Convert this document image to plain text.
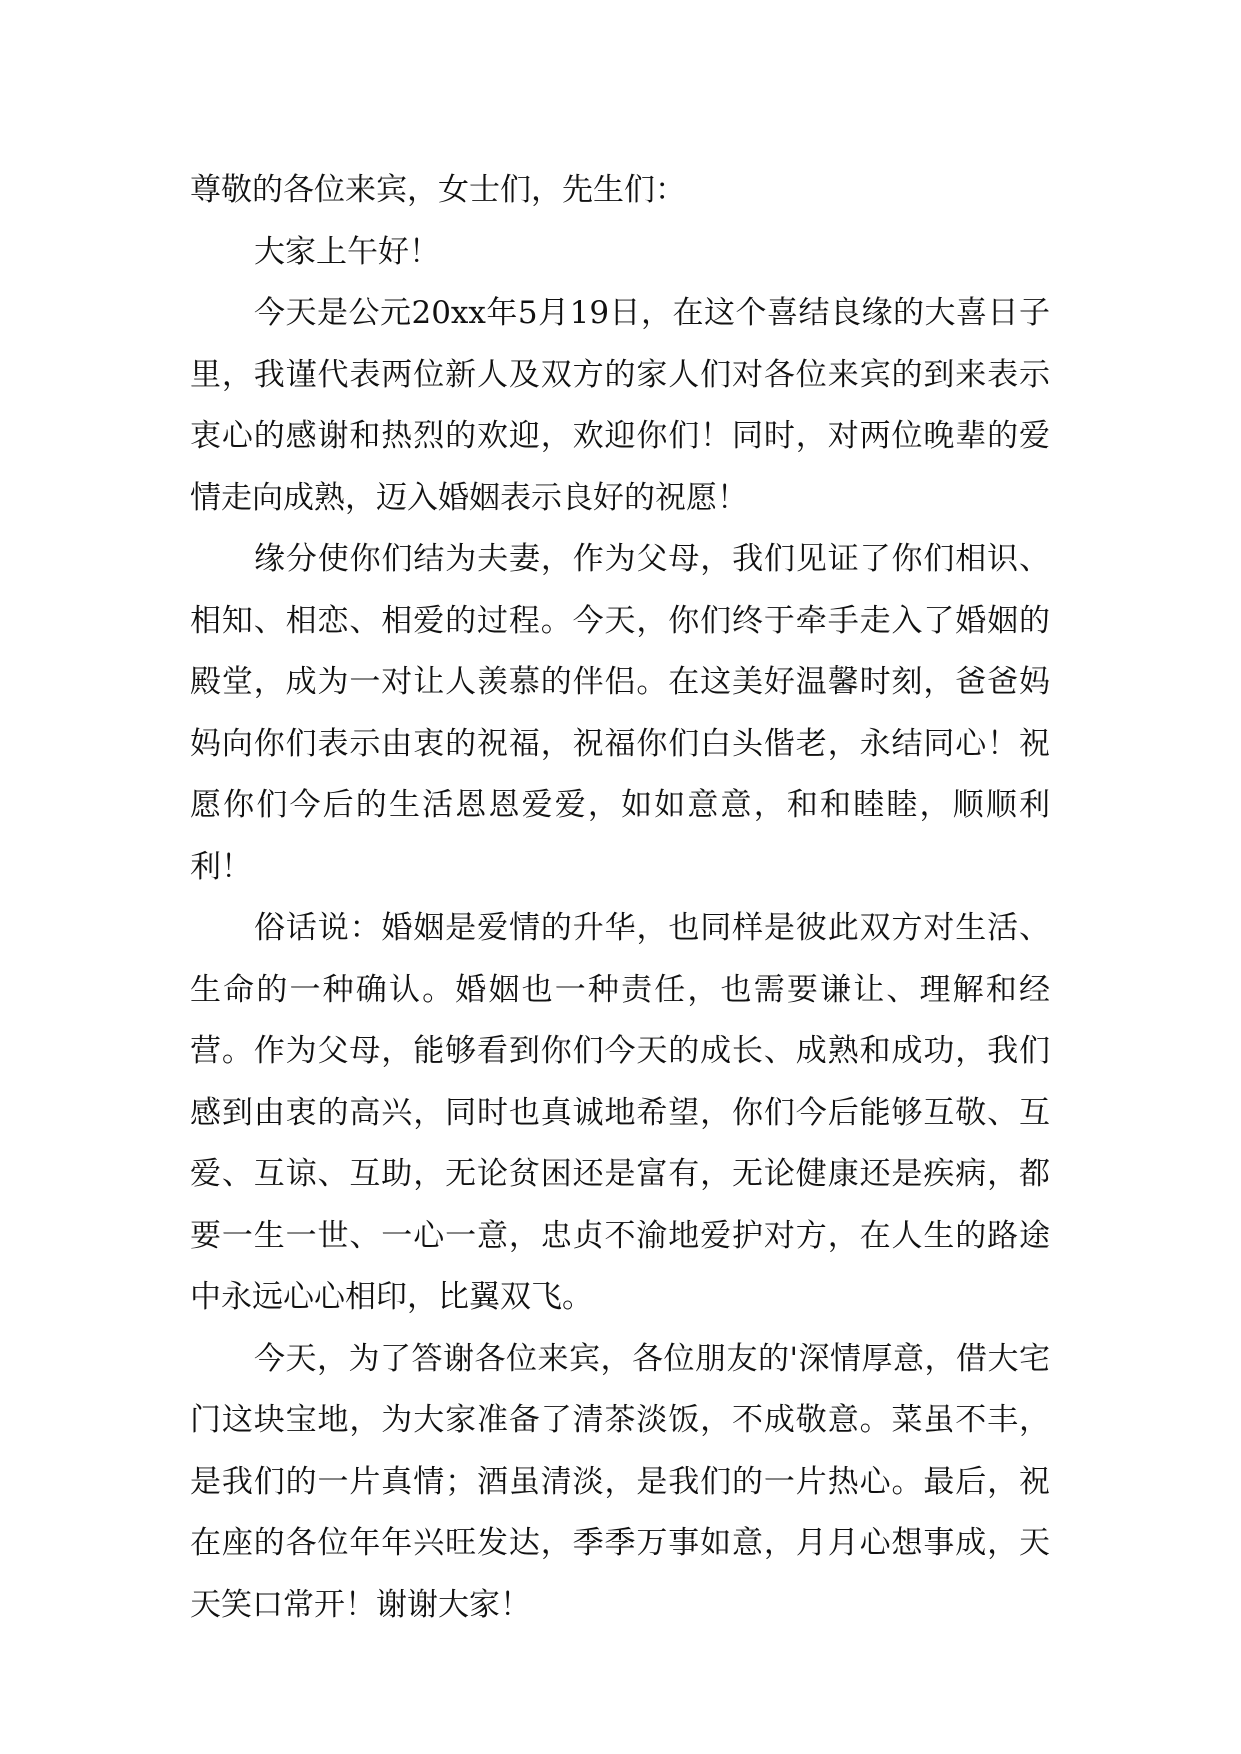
尊敬的各位来宾，女士们，先生们：

大家上午好！

今天是公元20xx年5月19日，在这个喜结良缘的大喜日子里，我谨代表两位新人及双方的家人们对各位来宾的到来表示衷心的感谢和热烈的欢迎，欢迎你们！同时，对两位晚辈的爱情走向成熟，迈入婚姻表示良好的祝愿！

缘分使你们结为夫妻，作为父母，我们见证了你们相识、相知、相恋、相爱的过程。今天，你们终于牵手走入了婚姻的殿堂，成为一对让人羡慕的伴侣。在这美好温馨时刻，爸爸妈妈向你们表示由衷的祝福，祝福你们白头偕老，永结同心！祝愿你们今后的生活恩恩爱爱，如如意意，和和睦睦，顺顺利利！

俗话说：婚姻是爱情的升华，也同样是彼此双方对生活、生命的一种确认。婚姻也一种责任，也需要谦让、理解和经营。作为父母，能够看到你们今天的成长、成熟和成功，我们感到由衷的高兴，同时也真诚地希望，你们今后能够互敬、互爱、互谅、互助，无论贫困还是富有，无论健康还是疾病，都要一生一世、一心一意，忠贞不渝地爱护对方，在人生的路途中永远心心相印，比翼双飞。

今天，为了答谢各位来宾，各位朋友的'深情厚意，借大宅门这块宝地，为大家准备了清茶淡饭，不成敬意。菜虽不丰，是我们的一片真情；酒虽清淡，是我们的一片热心。最后，祝在座的各位年年兴旺发达，季季万事如意，月月心想事成，天天笑口常开！谢谢大家！
